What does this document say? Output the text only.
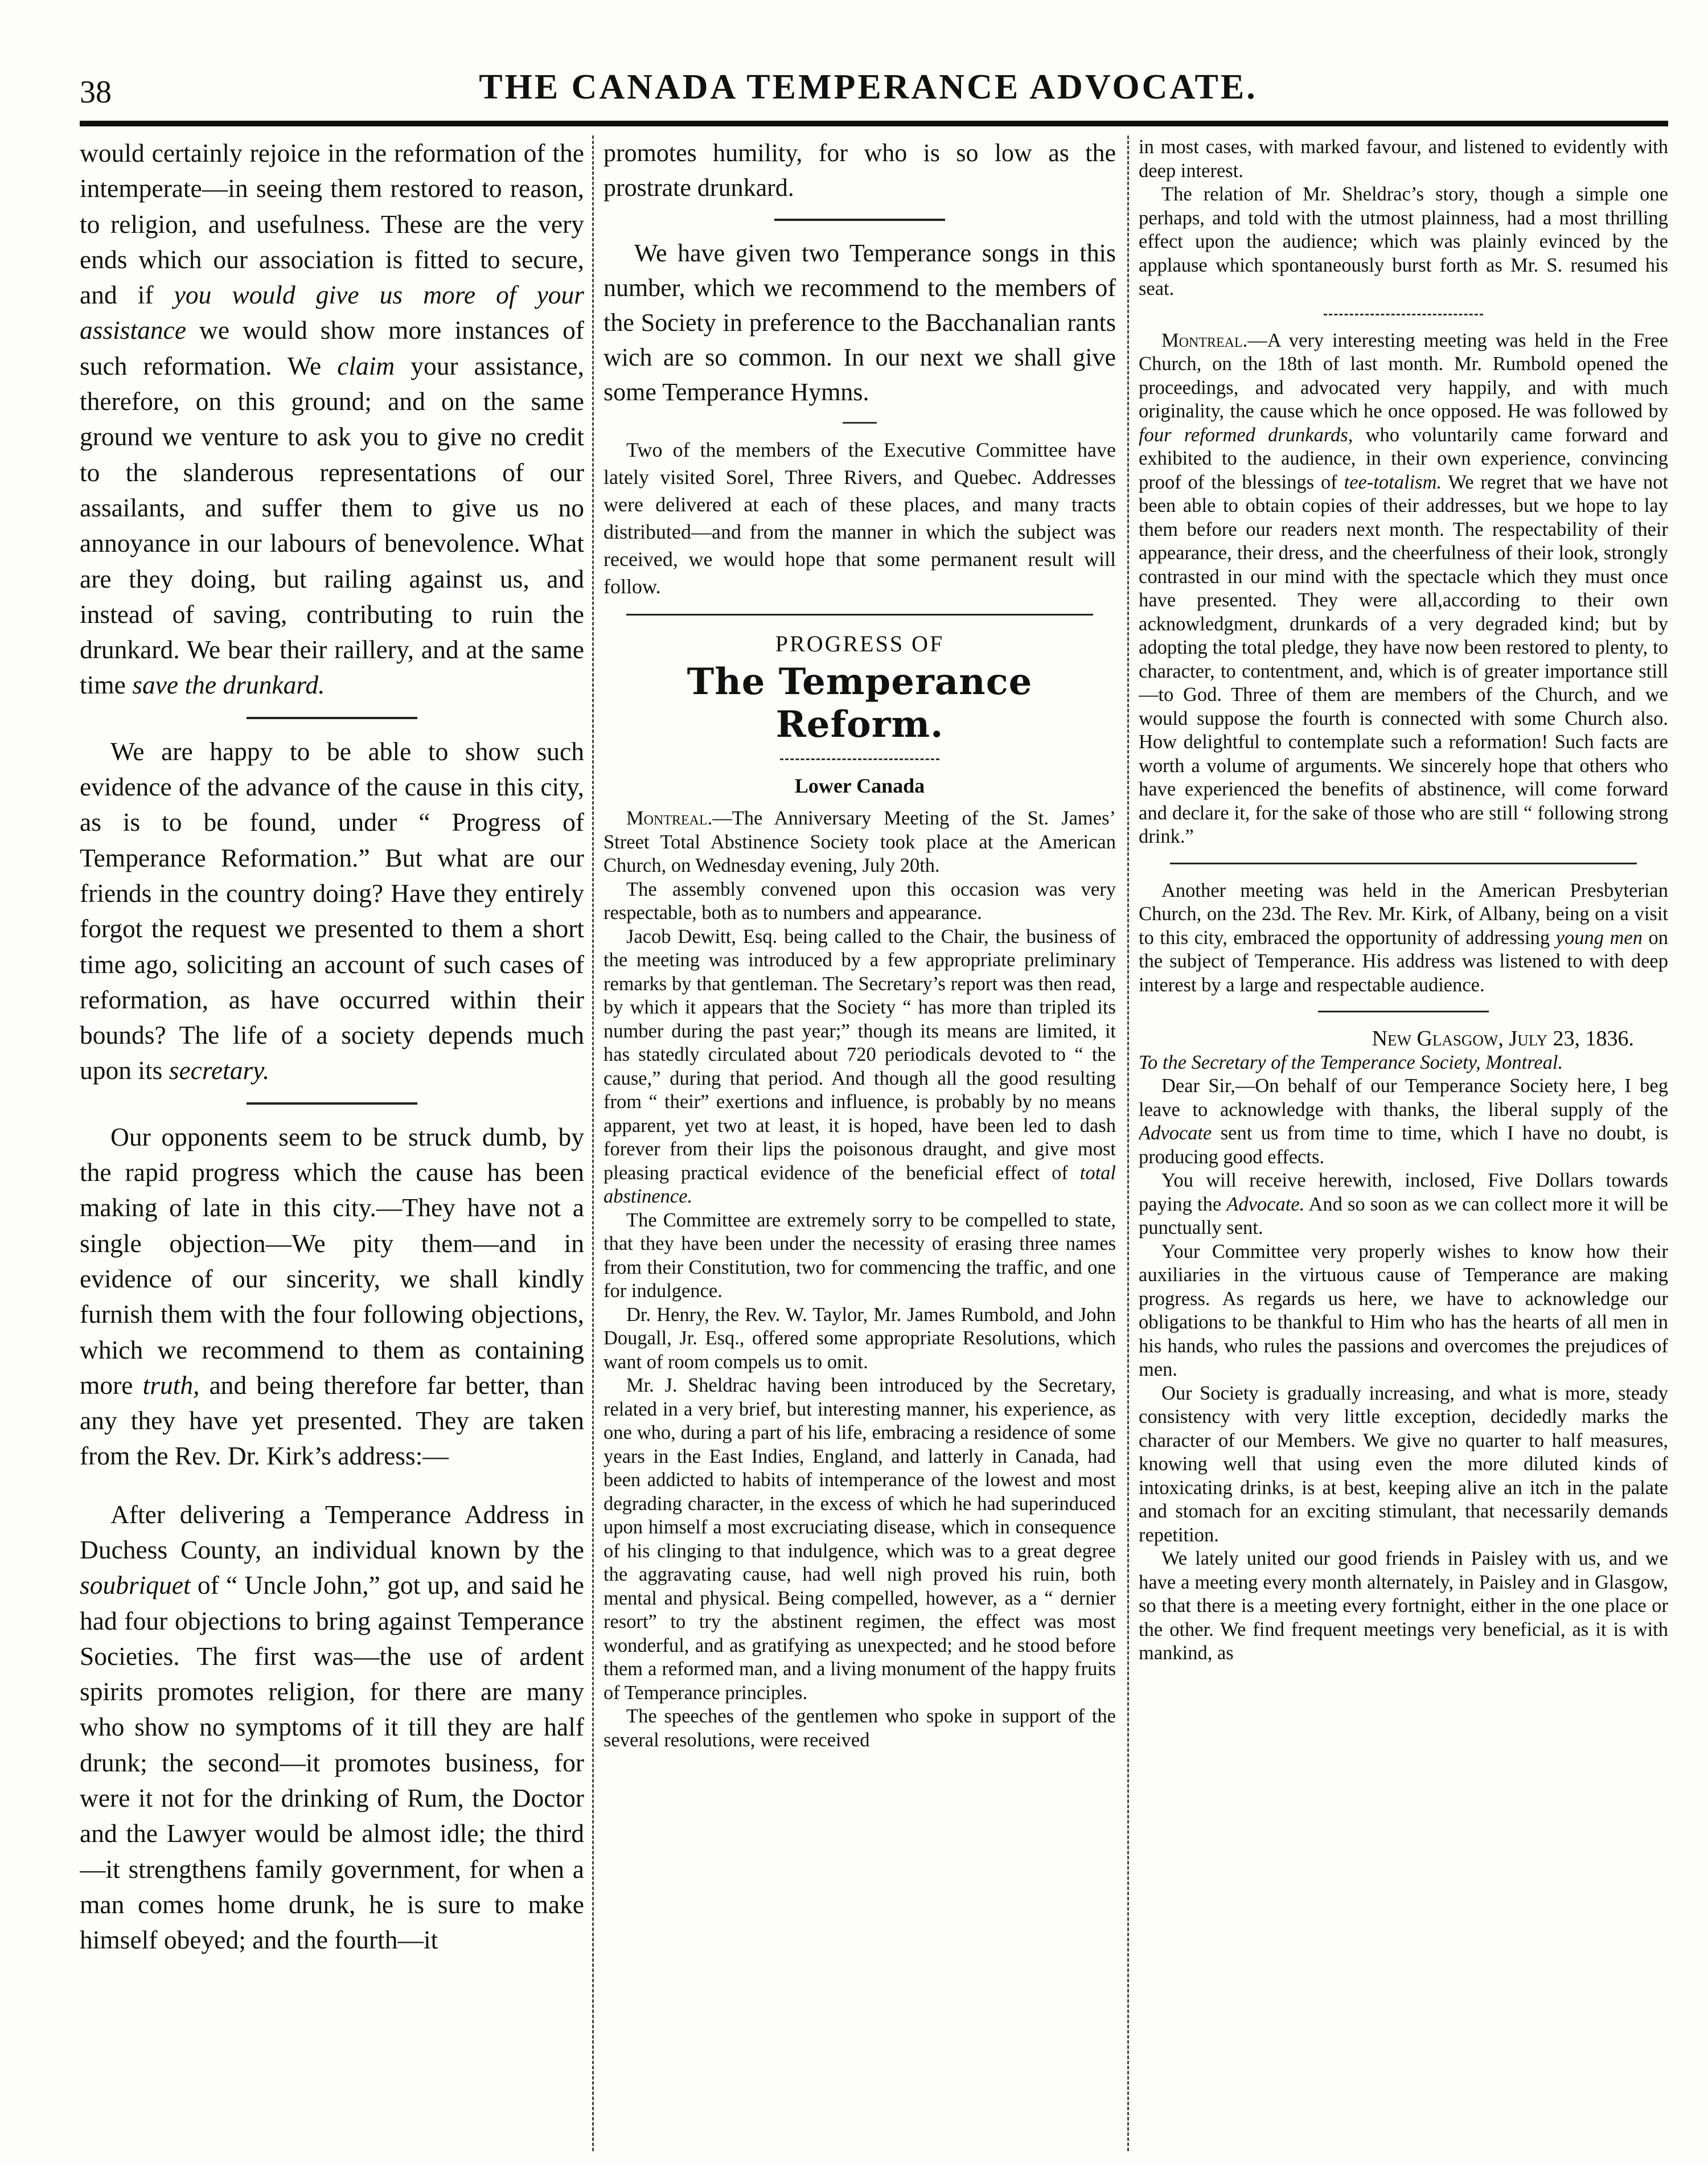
38	THE CANADA TEMPERANCE ADVOCATE.

would certainly rejoice in the reformation of the intemperate—in seeing them restored to reason, to religion, and usefulness. These are the very ends which our association is fitted to secure, and if you would give us more of your assistance we would show more instances of such reformation. We claim your assistance, therefore, on this ground; and on the same ground we venture to ask you to give no credit to the slanderous representations of our assailants, and suffer them to give us no annoyance in our labours of benevolence. What are they doing, but railing against us, and instead of saving, contributing to ruin the drunkard. We bear their raillery, and at the same time save the drunkard.

We are happy to be able to show such evidence of the advance of the cause in this city, as is to be found, under “ Progress of Temperance Reformation.” But what are our friends in the country doing? Have they entirely forgot the request we presented to them a short time ago, soliciting an account of such cases of reformation, as have occurred within their bounds? The life of a society depends much upon its secretary.

Our opponents seem to be struck dumb, by the rapid progress which the cause has been making of late in this city.—They have not a single objection—We pity them—and in evidence of our sincerity, we shall kindly furnish them with the four following objections, which we recommend to them as containing more truth, and being therefore far better, than any they have yet presented. They are taken from the Rev. Dr. Kirk’s address:—

After delivering a Temperance Address in Duchess County, an individual known by the soubriquet of “ Uncle John,” got up, and said he had four objections to bring against Temperance Societies. The first was—the use of ardent spirits promotes religion, for there are many who show no symptoms of it till they are half drunk; the second—it promotes business, for were it not for the drinking of Rum, the Doctor and the Lawyer would be almost idle; the third—it strengthens family government, for when a man comes home drunk, he is sure to make himself obeyed; and the fourth—it

promotes humility, for who is so low as the prostrate drunkard.

We have given two Temperance songs in this number, which we recommend to the members of the Society in preference to the Bacchanalian rants wich are so common. In our next we shall give some Temperance Hymns.

Two of the members of the Executive Committee have lately visited Sorel, Three Rivers, and Quebec. Addresses were delivered at each of these places, and many tracts distributed—and from the manner in which the subject was received, we would hope that some permanent result will follow.

PROGRESS OF
The Temperance Reform.
Lower Canada

Montreal.—The Anniversary Meeting of the St. James’ Street Total Abstinence Society took place at the American Church, on Wednesday evening, July 20th.

The assembly convened upon this occasion was very respectable, both as to numbers and appearance.

Jacob Dewitt, Esq. being called to the Chair, the business of the meeting was introduced by a few appropriate preliminary remarks by that gentleman. The Secretary’s report was then read, by which it appears that the Society “ has more than tripled its number during the past year;” though its means are limited, it has statedly circulated about 720 periodicals devoted to “ the cause,” during that period. And though all the good resulting from “ their” exertions and influence, is probably by no means apparent, yet two at least, it is hoped, have been led to dash forever from their lips the poisonous draught, and give most pleasing practical evidence of the beneficial effect of total abstinence.

The Committee are extremely sorry to be compelled to state, that they have been under the necessity of erasing three names from their Constitution, two for commencing the traffic, and one for indulgence.

Dr. Henry, the Rev. W. Taylor, Mr. James Rumbold, and John Dougall, Jr. Esq., offered some appropriate Resolutions, which want of room compels us to omit.

Mr. J. Sheldrac having been introduced by the Secretary, related in a very brief, but interesting manner, his experience, as one who, during a part of his life, embracing a residence of some years in the East Indies, England, and latterly in Canada, had been addicted to habits of intemperance of the lowest and most degrading character, in the excess of which he had superinduced upon himself a most excruciating disease, which in consequence of his clinging to that indulgence, which was to a great degree the aggravating cause, had well nigh proved his ruin, both mental and physical. Being compelled, however, as a “ dernier resort” to try the abstinent regimen, the effect was most wonderful, and as gratifying as unexpected; and he stood before them a reformed man, and a living monument of the happy fruits of Temperance principles.

The speeches of the gentlemen who spoke in support of the several resolutions, were received

in most cases, with marked favour, and listened to evidently with deep interest.

The relation of Mr. Sheldrac’s story, though a simple one perhaps, and told with the utmost plainness, had a most thrilling effect upon the audience; which was plainly evinced by the applause which spontaneously burst forth as Mr. S. resumed his seat.

Montreal.—A very interesting meeting was held in the Free Church, on the 18th of last month. Mr. Rumbold opened the proceedings, and advocated very happily, and with much originality, the cause which he once opposed. He was followed by four reformed drunkards, who voluntarily came forward and exhibited to the audience, in their own experience, convincing proof of the blessings of tee-totalism. We regret that we have not been able to obtain copies of their addresses, but we hope to lay them before our readers next month. The respectability of their appearance, their dress, and the cheerfulness of their look, strongly contrasted in our mind with the spectacle which they must once have presented. They were all,according to their own acknowledgment, drunkards of a very degraded kind; but by adopting the total pledge, they have now been restored to plenty, to character, to contentment, and, which is of greater importance still—to God. Three of them are members of the Church, and we would suppose the fourth is connected with some Church also. How delightful to contemplate such a reformation! Such facts are worth a volume of arguments. We sincerely hope that others who have experienced the benefits of abstinence, will come forward and declare it, for the sake of those who are still “ following strong drink.”

Another meeting was held in the American Presbyterian Church, on the 23d. The Rev. Mr. Kirk, of Albany, being on a visit to this city, embraced the opportunity of addressing young men on the subject of Temperance. His address was listened to with deep interest by a large and respectable audience.

New Glasgow, July 23, 1836.

To the Secretary of the Temperance Society, Montreal.

Dear Sir,—On behalf of our Temperance Society here, I beg leave to acknowledge with thanks, the liberal supply of the Advocate sent us from time to time, which I have no doubt, is producing good effects.

You will receive herewith, inclosed, Five Dollars towards paying the Advocate. And so soon as we can collect more it will be punctually sent.

Your Committee very properly wishes to know how their auxiliaries in the virtuous cause of Temperance are making progress. As regards us here, we have to acknowledge our obligations to be thankful to Him who has the hearts of all men in his hands, who rules the passions and overcomes the prejudices of men.

Our Society is gradually increasing, and what is more, steady consistency with very little exception, decidedly marks the character of our Members. We give no quarter to half measures, knowing well that using even the more diluted kinds of intoxicating drinks, is at best, keeping alive an itch in the palate and stomach for an exciting stimulant, that necessarily demands repetition.

We lately united our good friends in Paisley with us, and we have a meeting every month alternately, in Paisley and in Glasgow, so that there is a meeting every fortnight, either in the one place or the other. We find frequent meetings very beneficial, as it is with mankind, as
